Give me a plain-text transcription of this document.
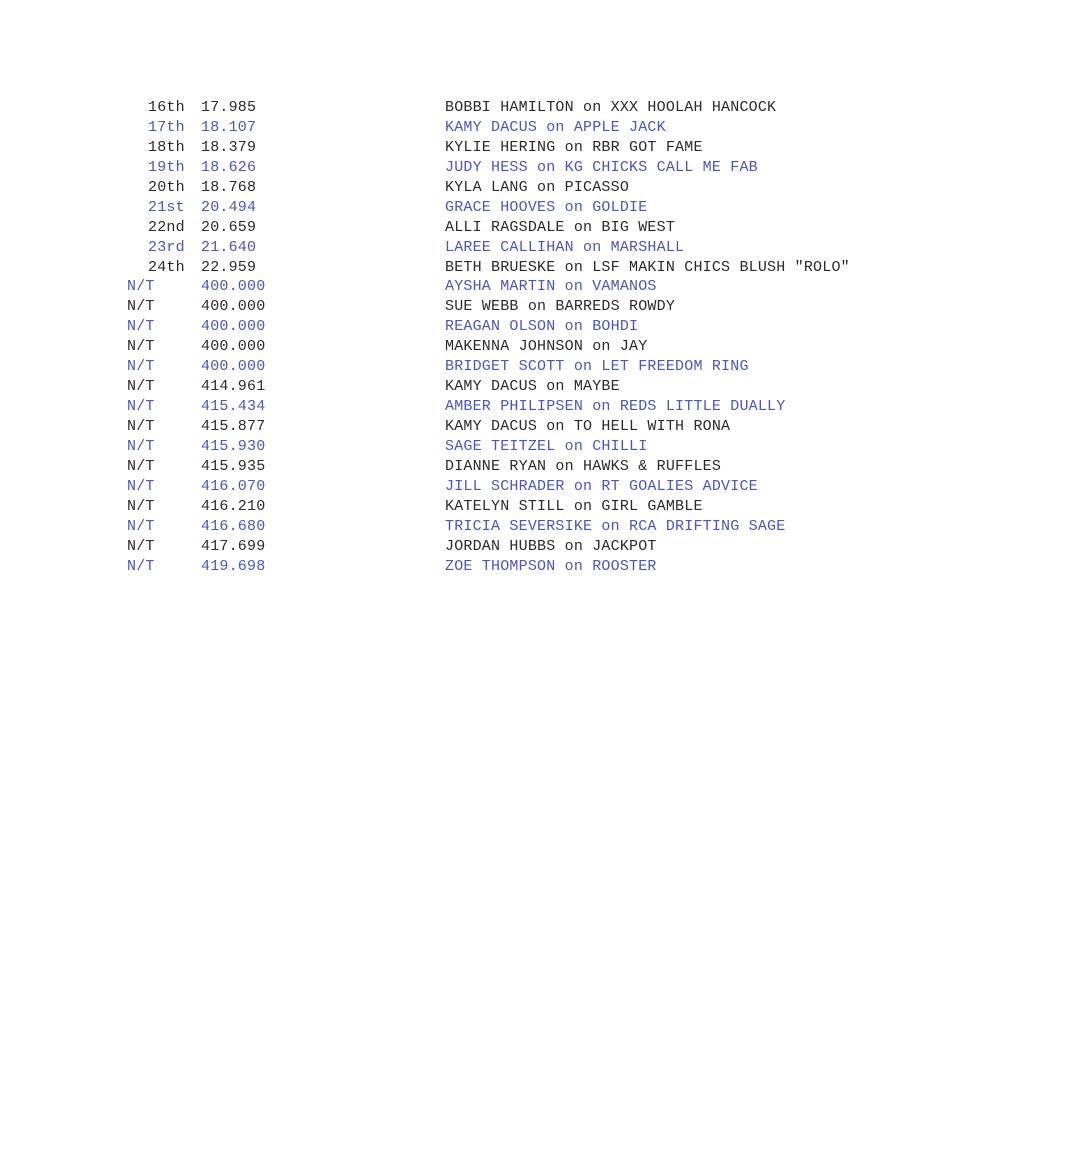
16th 17.985	BOBBI HAMILTON on XXX HOOLAH HANCOCK
17th 18.107	KAMY DACUS on APPLE JACK
18th 18.379	KYLIE HERING on RBR GOT FAME
19th 18.626	JUDY HESS on KG CHICKS CALL ME FAB
20th 18.768	KYLA LANG on PICASSO
21st 20.494	GRACE HOOVES on GOLDIE
22nd 20.659	ALLI RAGSDALE on BIG WEST
23rd 21.640	LAREE CALLIHAN on MARSHALL
24th 22.959	BETH BRUESKE on LSF MAKIN CHICS BLUSH "ROLO"
N/T	400.000	AYSHA MARTIN on VAMANOS
N/T	400.000	SUE WEBB on BARREDS ROWDY
N/T	400.000	REAGAN OLSON on BOHDI
N/T	400.000	MAKENNA JOHNSON on JAY
N/T	400.000	BRIDGET SCOTT on LET FREEDOM RING
N/T	414.961	KAMY DACUS on MAYBE
N/T	415.434	AMBER PHILIPSEN on REDS LITTLE DUALLY
N/T	415.877	KAMY DACUS on TO HELL WITH RONA
N/T	415.930	SAGE TEITZEL on CHILLI
N/T	415.935	DIANNE RYAN on HAWKS & RUFFLES
N/T	416.070	JILL SCHRADER on RT GOALIES ADVICE
N/T	416.210	KATELYN STILL on GIRL GAMBLE
N/T	416.680	TRICIA SEVERSIKE on RCA DRIFTING SAGE
N/T	417.699	JORDAN HUBBS on JACKPOT
N/T	419.698	ZOE THOMPSON on ROOSTER
